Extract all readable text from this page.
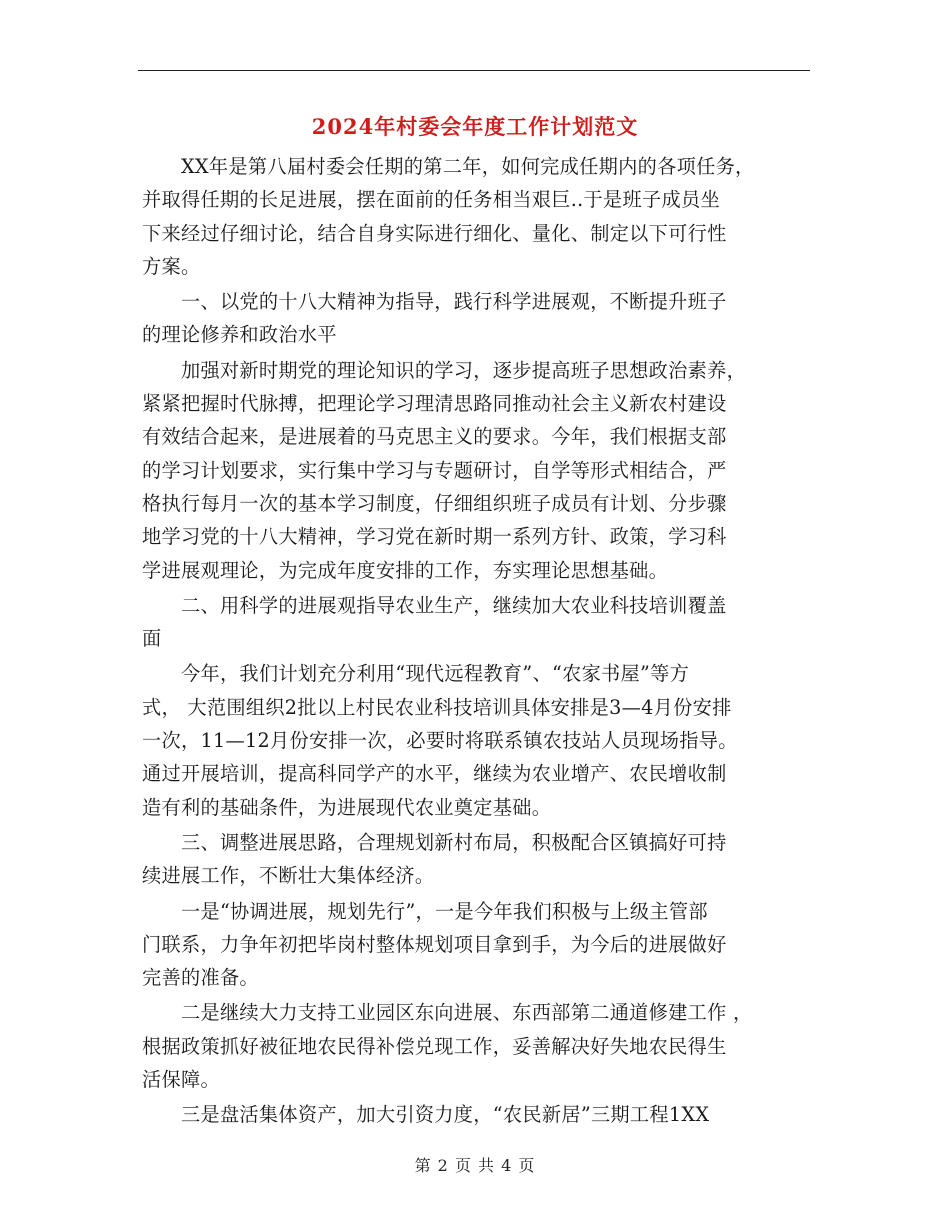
2024年村委会年度工作计划范文
　　XX年是第八届村委会任期的第二年，如何完成任期内的各项任务，
并取得任期的长足进展，摆在面前的任务相当艰巨..于是班子成员坐
下来经过仔细讨论，结合自身实际进行细化、量化、制定以下可行性
方案。
　　一、以党的十八大精神为指导，践行科学进展观，不断提升班子
的理论修养和政治水平
　　加强对新时期党的理论知识的学习，逐步提高班子思想政治素养，
紧紧把握时代脉搏，把理论学习理清思路同推动社会主义新农村建设
有效结合起来，是进展着的马克思主义的要求。今年，我们根据支部
的学习计划要求，实行集中学习与专题研讨，自学等形式相结合，严
格执行每月一次的基本学习制度，仔细组织班子成员有计划、分步骤
地学习党的十八大精神，学习党在新时期一系列方针、政策，学习科
学进展观理论，为完成年度安排的工作，夯实理论思想基础。
　　二、用科学的进展观指导农业生产，继续加大农业科技培训覆盖
面
　　今年，我们计划充分利用“现代远程教育”、“农家书屋”等方
式， 大范围组织2批以上村民农业科技培训具体安排是3—4月份安排
一次，11—12月份安排一次，必要时将联系镇农技站人员现场指导。
通过开展培训，提高科同学产的水平，继续为农业增产、农民增收制
造有利的基础条件，为进展现代农业奠定基础。
　　三、调整进展思路，合理规划新村布局，积极配合区镇搞好可持
续进展工作，不断壮大集体经济。
　　一是“协调进展，规划先行”，一是今年我们积极与上级主管部
门联系，力争年初把毕岗村整体规划项目拿到手，为今后的进展做好
完善的准备。
　　二是继续大力支持工业园区东向进展、东西部第二通道修建工作 ，
根据政策抓好被征地农民得补偿兑现工作，妥善解决好失地农民得生
活保障。
　　三是盘活集体资产，加大引资力度，“农民新居”三期工程1XX
第 2 页 共 4 页
